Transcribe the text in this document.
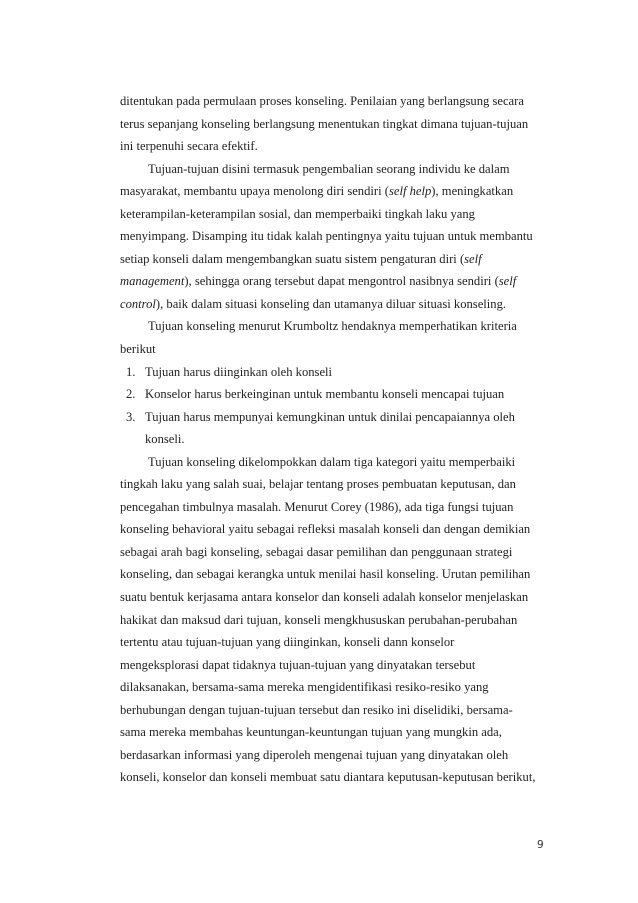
ditentukan pada permulaan proses konseling. Penilaian yang berlangsung secara
terus sepanjang konseling berlangsung menentukan tingkat dimana tujuan-tujuan
ini terpenuhi secara efektif.
Tujuan-tujuan disini termasuk pengembalian seorang individu ke dalam
masyarakat, membantu upaya menolong diri sendiri (self help), meningkatkan
keterampilan-keterampilan sosial, dan memperbaiki tingkah laku yang
menyimpang. Disamping itu tidak kalah pentingnya yaitu tujuan untuk membantu
setiap konseli dalam mengembangkan suatu sistem pengaturan diri (self
management), sehingga orang tersebut dapat mengontrol nasibnya sendiri (self
control), baik dalam situasi konseling dan utamanya diluar situasi konseling.
Tujuan konseling menurut Krumboltz hendaknya memperhatikan kriteria
berikut
1. Tujuan harus diinginkan oleh konseli
2. Konselor harus berkeinginan untuk membantu konseli mencapai tujuan
3. Tujuan harus mempunyai kemungkinan untuk dinilai pencapaiannya oleh
konseli.
Tujuan konseling dikelompokkan dalam tiga kategori yaitu memperbaiki
tingkah laku yang salah suai, belajar tentang proses pembuatan keputusan, dan
pencegahan timbulnya masalah. Menurut Corey (1986), ada tiga fungsi tujuan
konseling behavioral yaitu sebagai refleksi masalah konseli dan dengan demikian
sebagai arah bagi konseling, sebagai dasar pemilihan dan penggunaan strategi
konseling, dan sebagai kerangka untuk menilai hasil konseling. Urutan pemilihan
suatu bentuk kerjasama antara konselor dan konseli adalah konselor menjelaskan
hakikat dan maksud dari tujuan, konseli mengkhususkan perubahan-perubahan
tertentu atau tujuan-tujuan yang diinginkan, konseli dann konselor
mengeksplorasi dapat tidaknya tujuan-tujuan yang dinyatakan tersebut
dilaksanakan, bersama-sama mereka mengidentifikasi resiko-resiko yang
berhubungan dengan tujuan-tujuan tersebut dan resiko ini diselidiki, bersama-
sama mereka membahas keuntungan-keuntungan tujuan yang mungkin ada,
berdasarkan informasi yang diperoleh mengenai tujuan yang dinyatakan oleh
konseli, konselor dan konseli membuat satu diantara keputusan-keputusan berikut,
9
